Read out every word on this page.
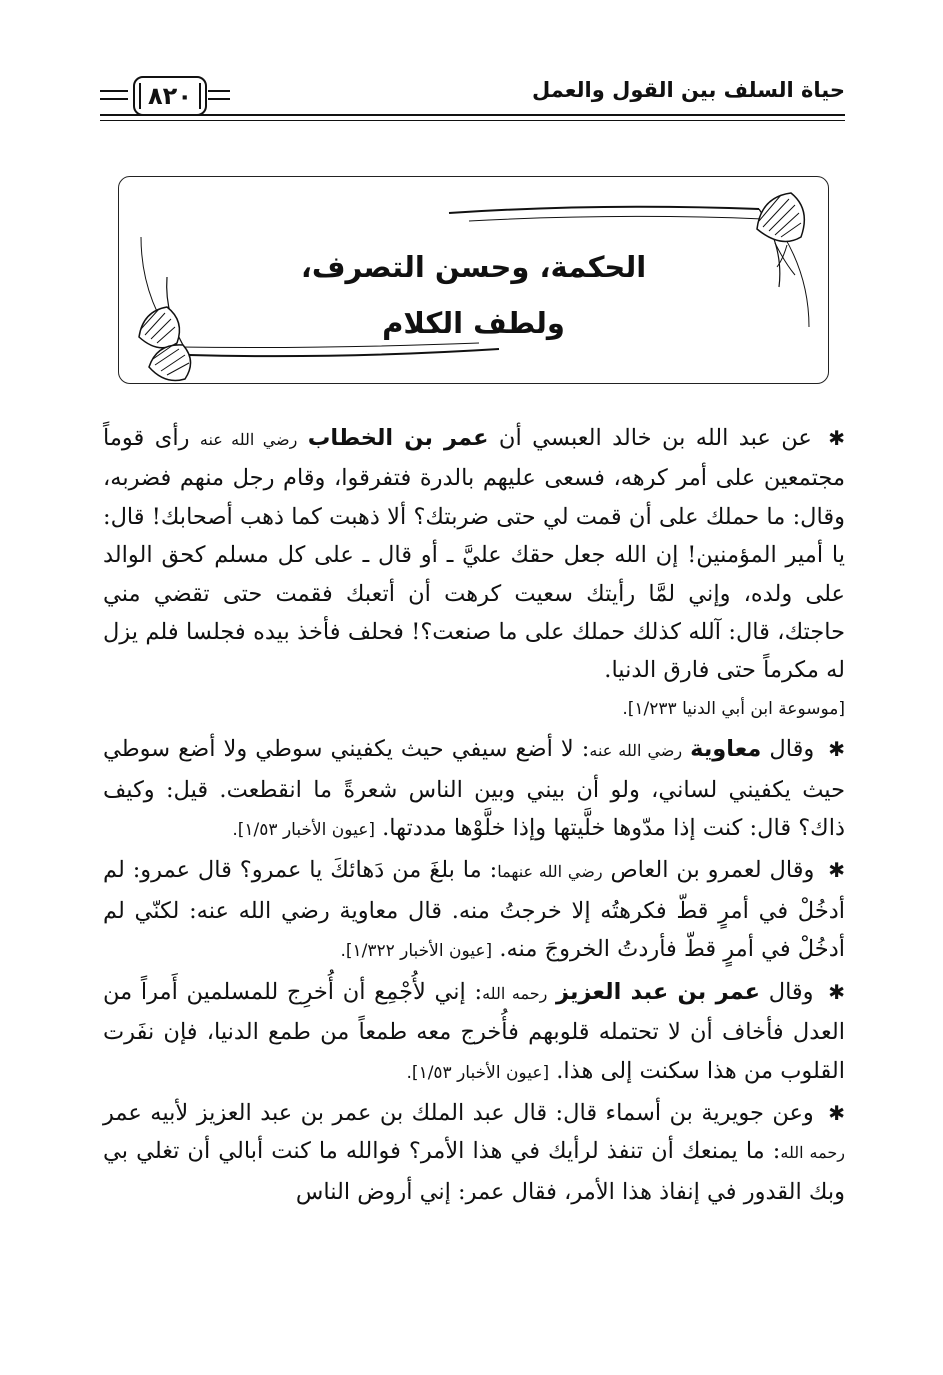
حياة السلف بين القول والعمل
٨٢٠
الحكمة، وحسن التصرف،
ولطف الكلام

✱ عن عبد الله بن خالد العبسي أن عمر بن الخطاب رضي الله عنه رأى قوماً مجتمعين على أمر كرهه، فسعى عليهم بالدرة فتفرقوا، وقام رجل منهم فضربه، وقال: ما حملك على أن قمت لي حتى ضربتك؟ ألا ذهبت كما ذهب أصحابك! قال: يا أمير المؤمنين! إن الله جعل حقك عليَّ ـ أو قال ـ على كل مسلم كحق الوالد على ولده، وإني لمَّا رأيتك سعيت كرهت أن أتعبك فقمت حتى تقضي مني حاجتك، قال: آلله كذلك حملك على ما صنعت؟! فحلف فأخذ بيده فجلسا فلم يزل له مكرماً حتى فارق الدنيا.
[موسوعة ابن أبي الدنيا ١/٢٣٣].

✱ وقال معاوية رضي الله عنه: لا أضع سيفي حيث يكفيني سوطي ولا أضع سوطي حيث يكفيني لساني، ولو أن بيني وبين الناس شعرةً ما انقطعت. قيل: وكيف ذاك؟ قال: كنت إذا مدّوها خلَّيتها وإذا خلَّوْها مددتها. [عيون الأخبار ١/٥٣].

✱ وقال لعمرو بن العاص رضي الله عنهما: ما بلغَ من دَهائكَ يا عمرو؟ قال عمرو: لم أدخُلْ في أمرٍ قطّ فكرهتُه إلا خرجتُ منه. قال معاوية رضي الله عنه: لكنّي لم أدخُلْ في أمرٍ قطّ فأردتُ الخروجَ منه. [عيون الأخبار ١/٣٢٢].

✱ وقال عمر بن عبد العزيز رحمه الله: إني لأُجْمِع أن أُخرِج للمسلمين أَمراً من العدل فأخاف أن لا تحتمله قلوبهم فأُخرج معه طمعاً من طمع الدنيا، فإن نفَرت القلوب من هذا سكنت إلى هذا. [عيون الأخبار ١/٥٣].

✱ وعن جويرية بن أسماء قال: قال عبد الملك بن عمر بن عبد العزيز لأبيه عمر رحمه الله: ما يمنعك أن تنفذ لرأيك في هذا الأمر؟ فوالله ما كنت أبالي أن تغلي بي وبك القدور في إنفاذ هذا الأمر، فقال عمر: إني أروض الناس
